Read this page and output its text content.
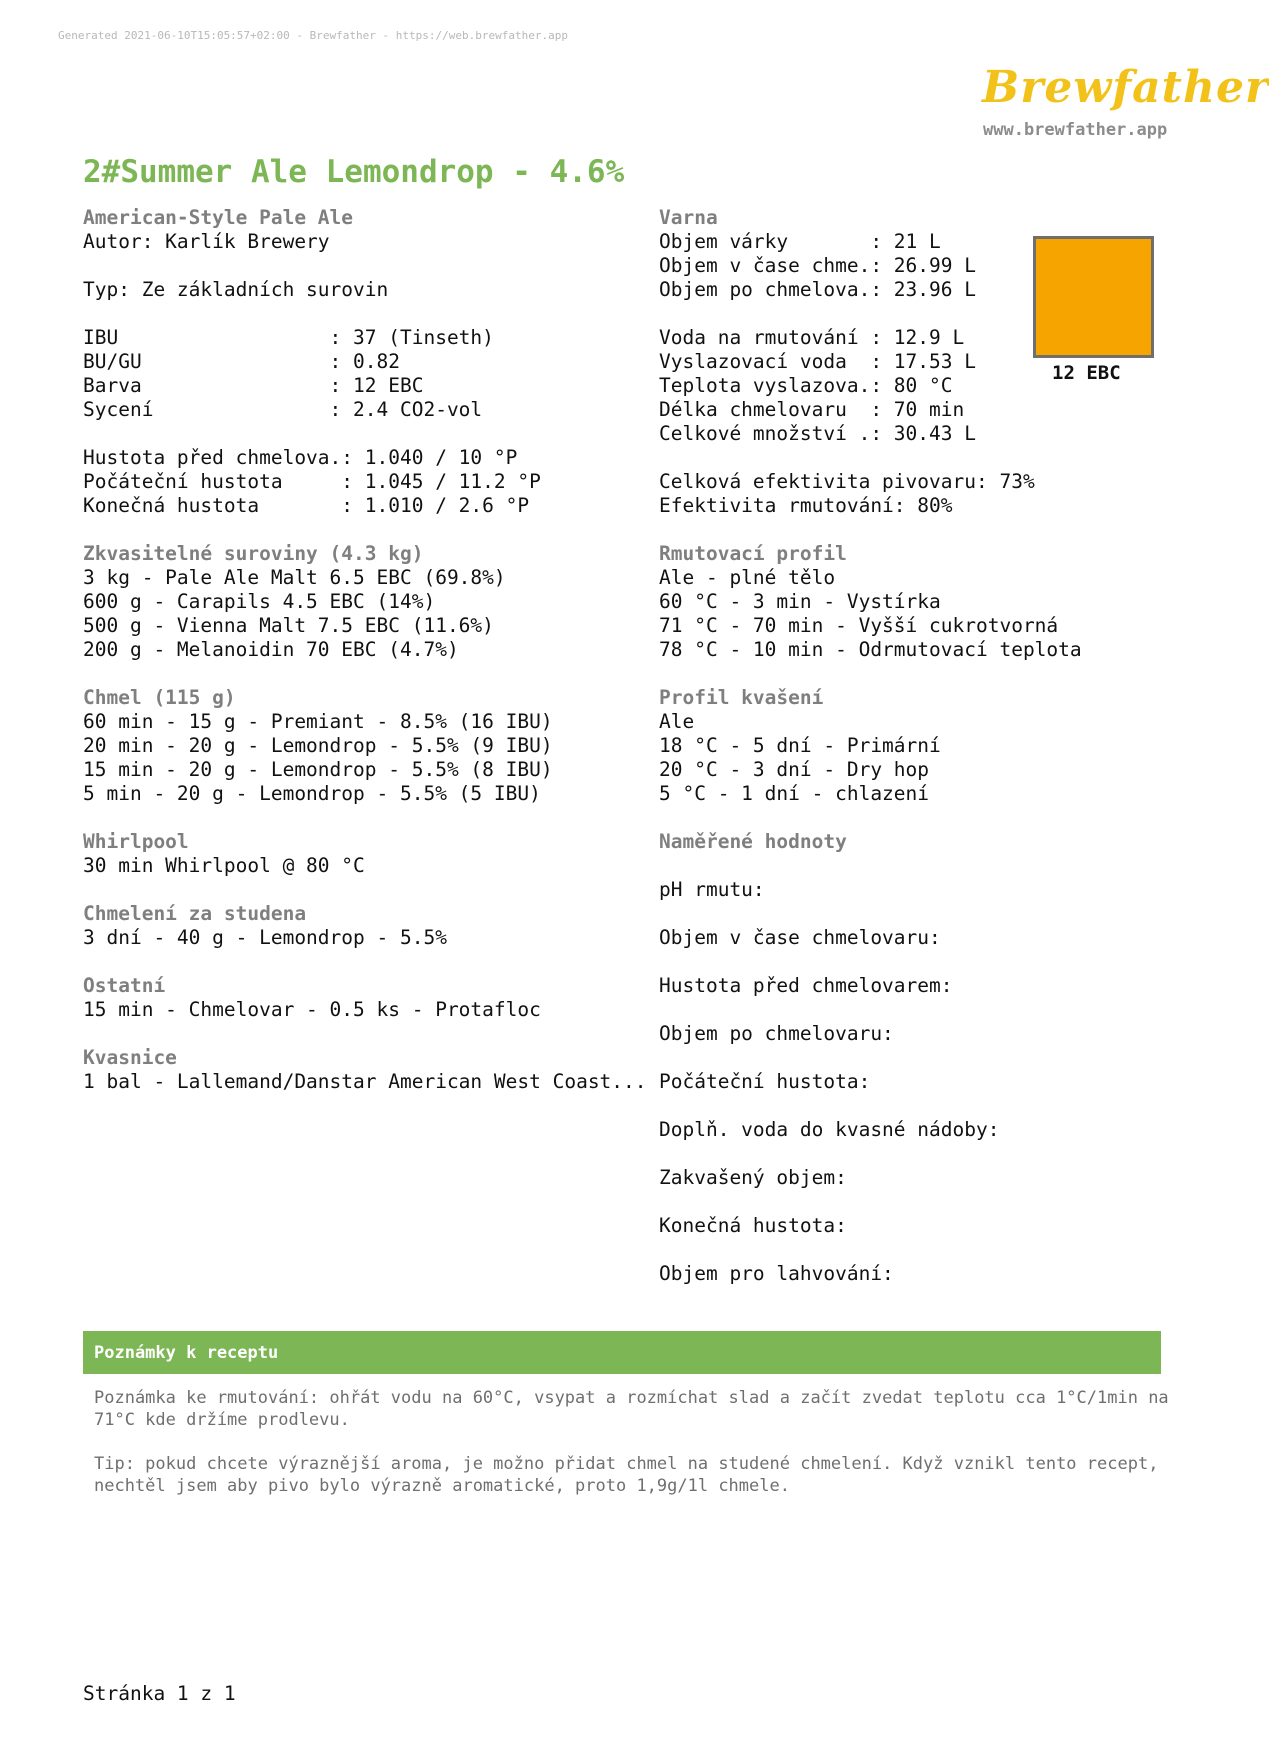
Generated 2021-06-10T15:05:57+02:00 - Brewfather - https://web.brewfather.app
Brewfather
www.brewfather.app
2#Summer Ale Lemondrop - 4.6%
American-Style Pale Ale
Autor: Karlík Brewery
Typ: Ze základních surovin
IBU                  : 37 (Tinseth)
BU/GU                : 0.82
Barva                : 12 EBC
Sycení               : 2.4 CO2-vol
Hustota před chmelova.: 1.040 / 10 °P
Počáteční hustota     : 1.045 / 11.2 °P
Konečná hustota       : 1.010 / 2.6 °P
Zkvasitelné suroviny (4.3 kg)
3 kg - Pale Ale Malt 6.5 EBC (69.8%)
600 g - Carapils 4.5 EBC (14%)
500 g - Vienna Malt 7.5 EBC (11.6%)
200 g - Melanoidin 70 EBC (4.7%)
Chmel (115 g)
60 min - 15 g - Premiant - 8.5% (16 IBU)
20 min - 20 g - Lemondrop - 5.5% (9 IBU)
15 min - 20 g - Lemondrop - 5.5% (8 IBU)
5 min - 20 g - Lemondrop - 5.5% (5 IBU)
Whirlpool
30 min Whirlpool @ 80 °C
Chmelení za studena
3 dní - 40 g - Lemondrop - 5.5%
Ostatní
15 min - Chmelovar - 0.5 ks - Protafloc
Kvasnice
1 bal - Lallemand/Danstar American West Coast...
Varna
Objem várky       : 21 L
Objem v čase chme.: 26.99 L
Objem po chmelova.: 23.96 L
Voda na rmutování : 12.9 L
Vyslazovací voda  : 17.53 L
Teplota vyslazova.: 80 °C
Délka chmelovaru  : 70 min
Celkové množství .: 30.43 L
Celková efektivita pivovaru: 73%
Efektivita rmutování: 80%
Rmutovací profil
Ale - plné tělo
60 °C - 3 min - Vystírka
71 °C - 70 min - Vyšší cukrotvorná
78 °C - 10 min - Odrmutovací teplota
Profil kvašení
Ale
18 °C - 5 dní - Primární
20 °C - 3 dní - Dry hop
5 °C - 1 dní - chlazení
Naměřené hodnoty
pH rmutu:
Objem v čase chmelovaru:
Hustota před chmelovarem:
Objem po chmelovaru:
Počáteční hustota:
Doplň. voda do kvasné nádoby:
Zakvašený objem:
Konečná hustota:
Objem pro lahvování:
12 EBC
Poznámky k receptu

Poznámka ke rmutování: ohřát vodu na 60°C, vsypat a rozmíchat slad a začít zvedat teplotu cca 1°C/1min na 71°C kde držíme prodlevu.

Tip: pokud chcete výraznější aroma, je možno přidat chmel na studené chmelení. Když vznikl tento recept, nechtěl jsem aby pivo bylo výrazně aromatické, proto 1,9g/1l chmele.

Stránka 1 z 1
